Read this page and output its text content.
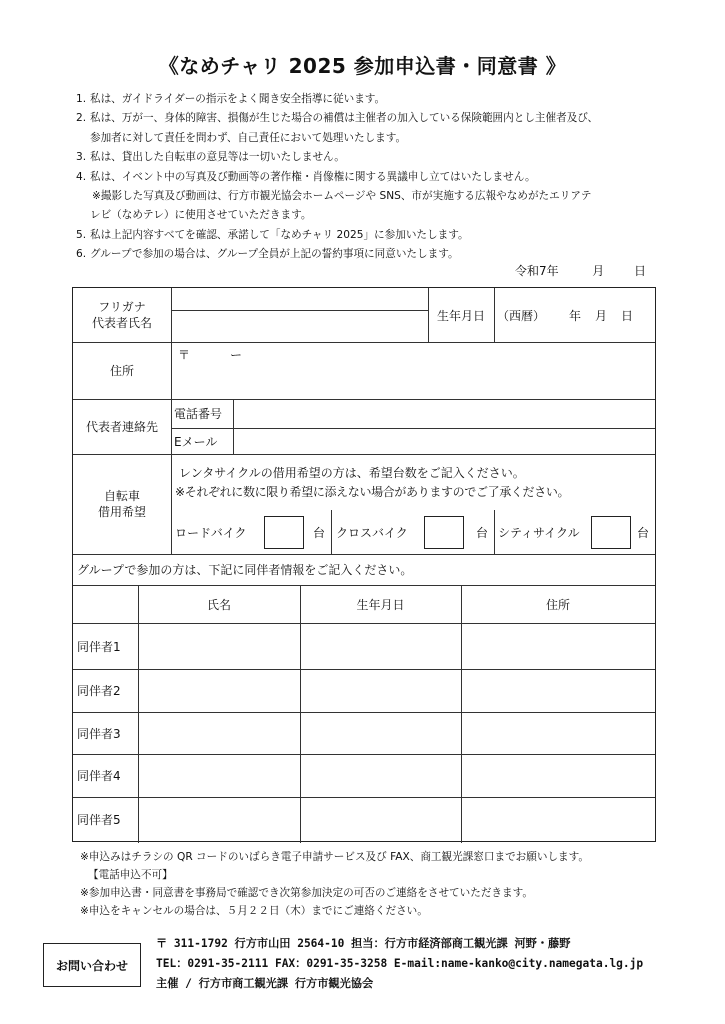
《なめチャリ 2025 参加申込書・同意書 》
1. 私は、ガイドライダーの指示をよく聞き安全指導に従います。
2. 私は、万が一、身体的障害、損傷が生じた場合の補償は主催者の加入している保険範囲内とし主催者及び、
参加者に対して責任を問わず、自己責任において処理いたします。
3. 私は、貸出した自転車の意見等は一切いたしません。
4. 私は、イベント中の写真及び動画等の著作権・肖像権に関する異議申し立てはいたしません。
※撮影した写真及び動画は、行方市観光協会ホームページや SNS、市が実施する広報やなめがたエリアテ
レビ（なめテレ）に使用させていただきます。
5. 私は上記内容すべてを確認、承諾して「なめチャリ 2025」に参加いたします。
6. グループで参加の場合は、グループ全員が上記の誓約事項に同意いたします。
令和7年	月 日
フリガナ
代表者氏名
生年月日	（西暦） 年 月 日
住所
〒	ー
代表者連絡先
電話番号
Eメール
自転車
借用希望
レンタサイクルの借用希望の方は、希望台数をご記入ください。
※それぞれに数に限り希望に添えない場合がありますのでご了承ください。
ロードバイク	台 クロスバイク	台 シティサイクル	台
グループで参加の方は、下記に同伴者情報をご記入ください。
氏名	生年月日	住所
同伴者1
同伴者2
同伴者3
同伴者4
同伴者5
※申込みはチラシの QR コードのいばらき電子申請サービス及び FAX、商工観光課窓口までお願いします。
【電話申込不可】
※参加申込書・同意書を事務局で確認でき次第参加決定の可否のご連絡をさせていただきます。
※申込をキャンセルの場合は、５月２２日（木）までにご連絡ください。
お問い合わせ
〒 311-1792 行方市山田 2564-10 担当：行方市経済部商工観光課 河野・藤野
TEL：0291-35-2111 FAX：0291-35-3258 E-mail:name-kanko@city.namegata.lg.jp
主催 / 行方市商工観光課 行方市観光協会
